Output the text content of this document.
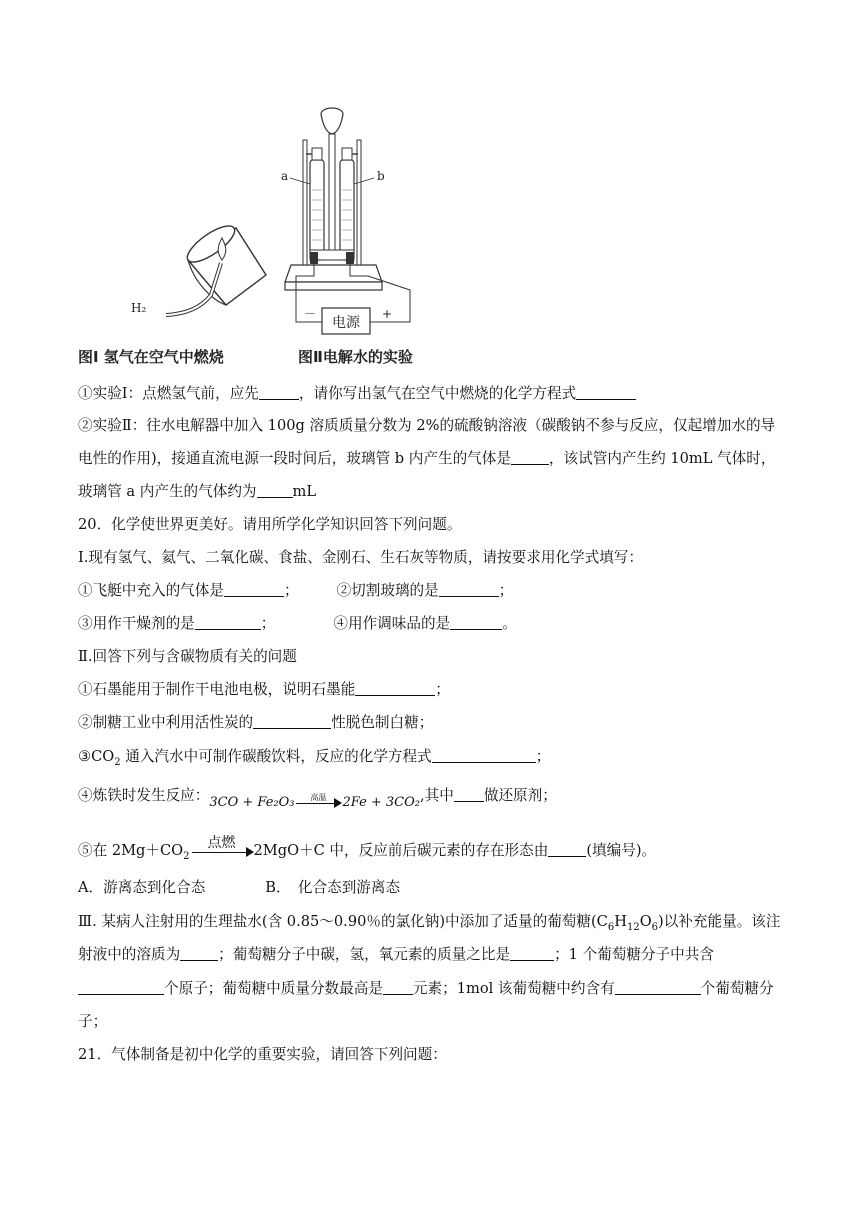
H₂
a	b
电源
－	+
图Ⅰ 氢气在空气中燃烧	图Ⅱ电解水的实验
①实验Ⅰ：点燃氢气前，应先	，请你写出氢气在空气中燃烧的化学方程式
②实验Ⅱ：往水电解器中加入 100g 溶质质量分数为 2%的硫酸钠溶液（碳酸钠不参与反应，仅起增加水的导
电性的作用)，接通直流电源一段时间后，玻璃管 b 内产生的气体是	，该试管内产生约 10mL 气体时，
玻璃管 a 内产生的气体约为 mL
20．化学使世界更美好。请用所学化学知识回答下列问题。
Ⅰ.现有氢气、氦气、二氧化碳、食盐、金刚石、生石灰等物质，请按要求用化学式填写：
①飞艇中充入的气体是	；	②切割玻璃的是	；
③用作干燥剂的是	；	④用作调味品的是	。
Ⅱ.回答下列与含碳物质有关的问题
①石墨能用于制作干电池电极，说明石墨能	；
②制糖工业中利用活性炭的	性脱色制白糖；
$③CO_2$ 通入汽水中可制作碳酸饮料，反应的化学方程式	；
④炼铁时发生反应：3CO + Fe₂O₃	高温	2Fe + 3CO₂,其中 做还原剂；
⑤在 $2Mg+CO_2$
点燃	2MgO＋C 中，反应前后碳元素的存在形态由	(填编号)。
A．游离态到化合态	B．　化合态到游离态
Ⅲ. 某病人注射用的生理盐水(含 0.85～0.90％的氯化钠)中添加了适量的葡萄糖$(C_6H_{12}O_6)$以补充能量。该注
射液中的溶质为	；葡萄糖分子中碳，氢，氧元素的质量之比是	；1 个葡萄糖分子中共含
个原子；葡萄糖中质量分数最高是 元素；1mol 该葡萄糖中约含有	个葡萄糖分
子；
21．气体制备是初中化学的重要实验，请回答下列问题：
